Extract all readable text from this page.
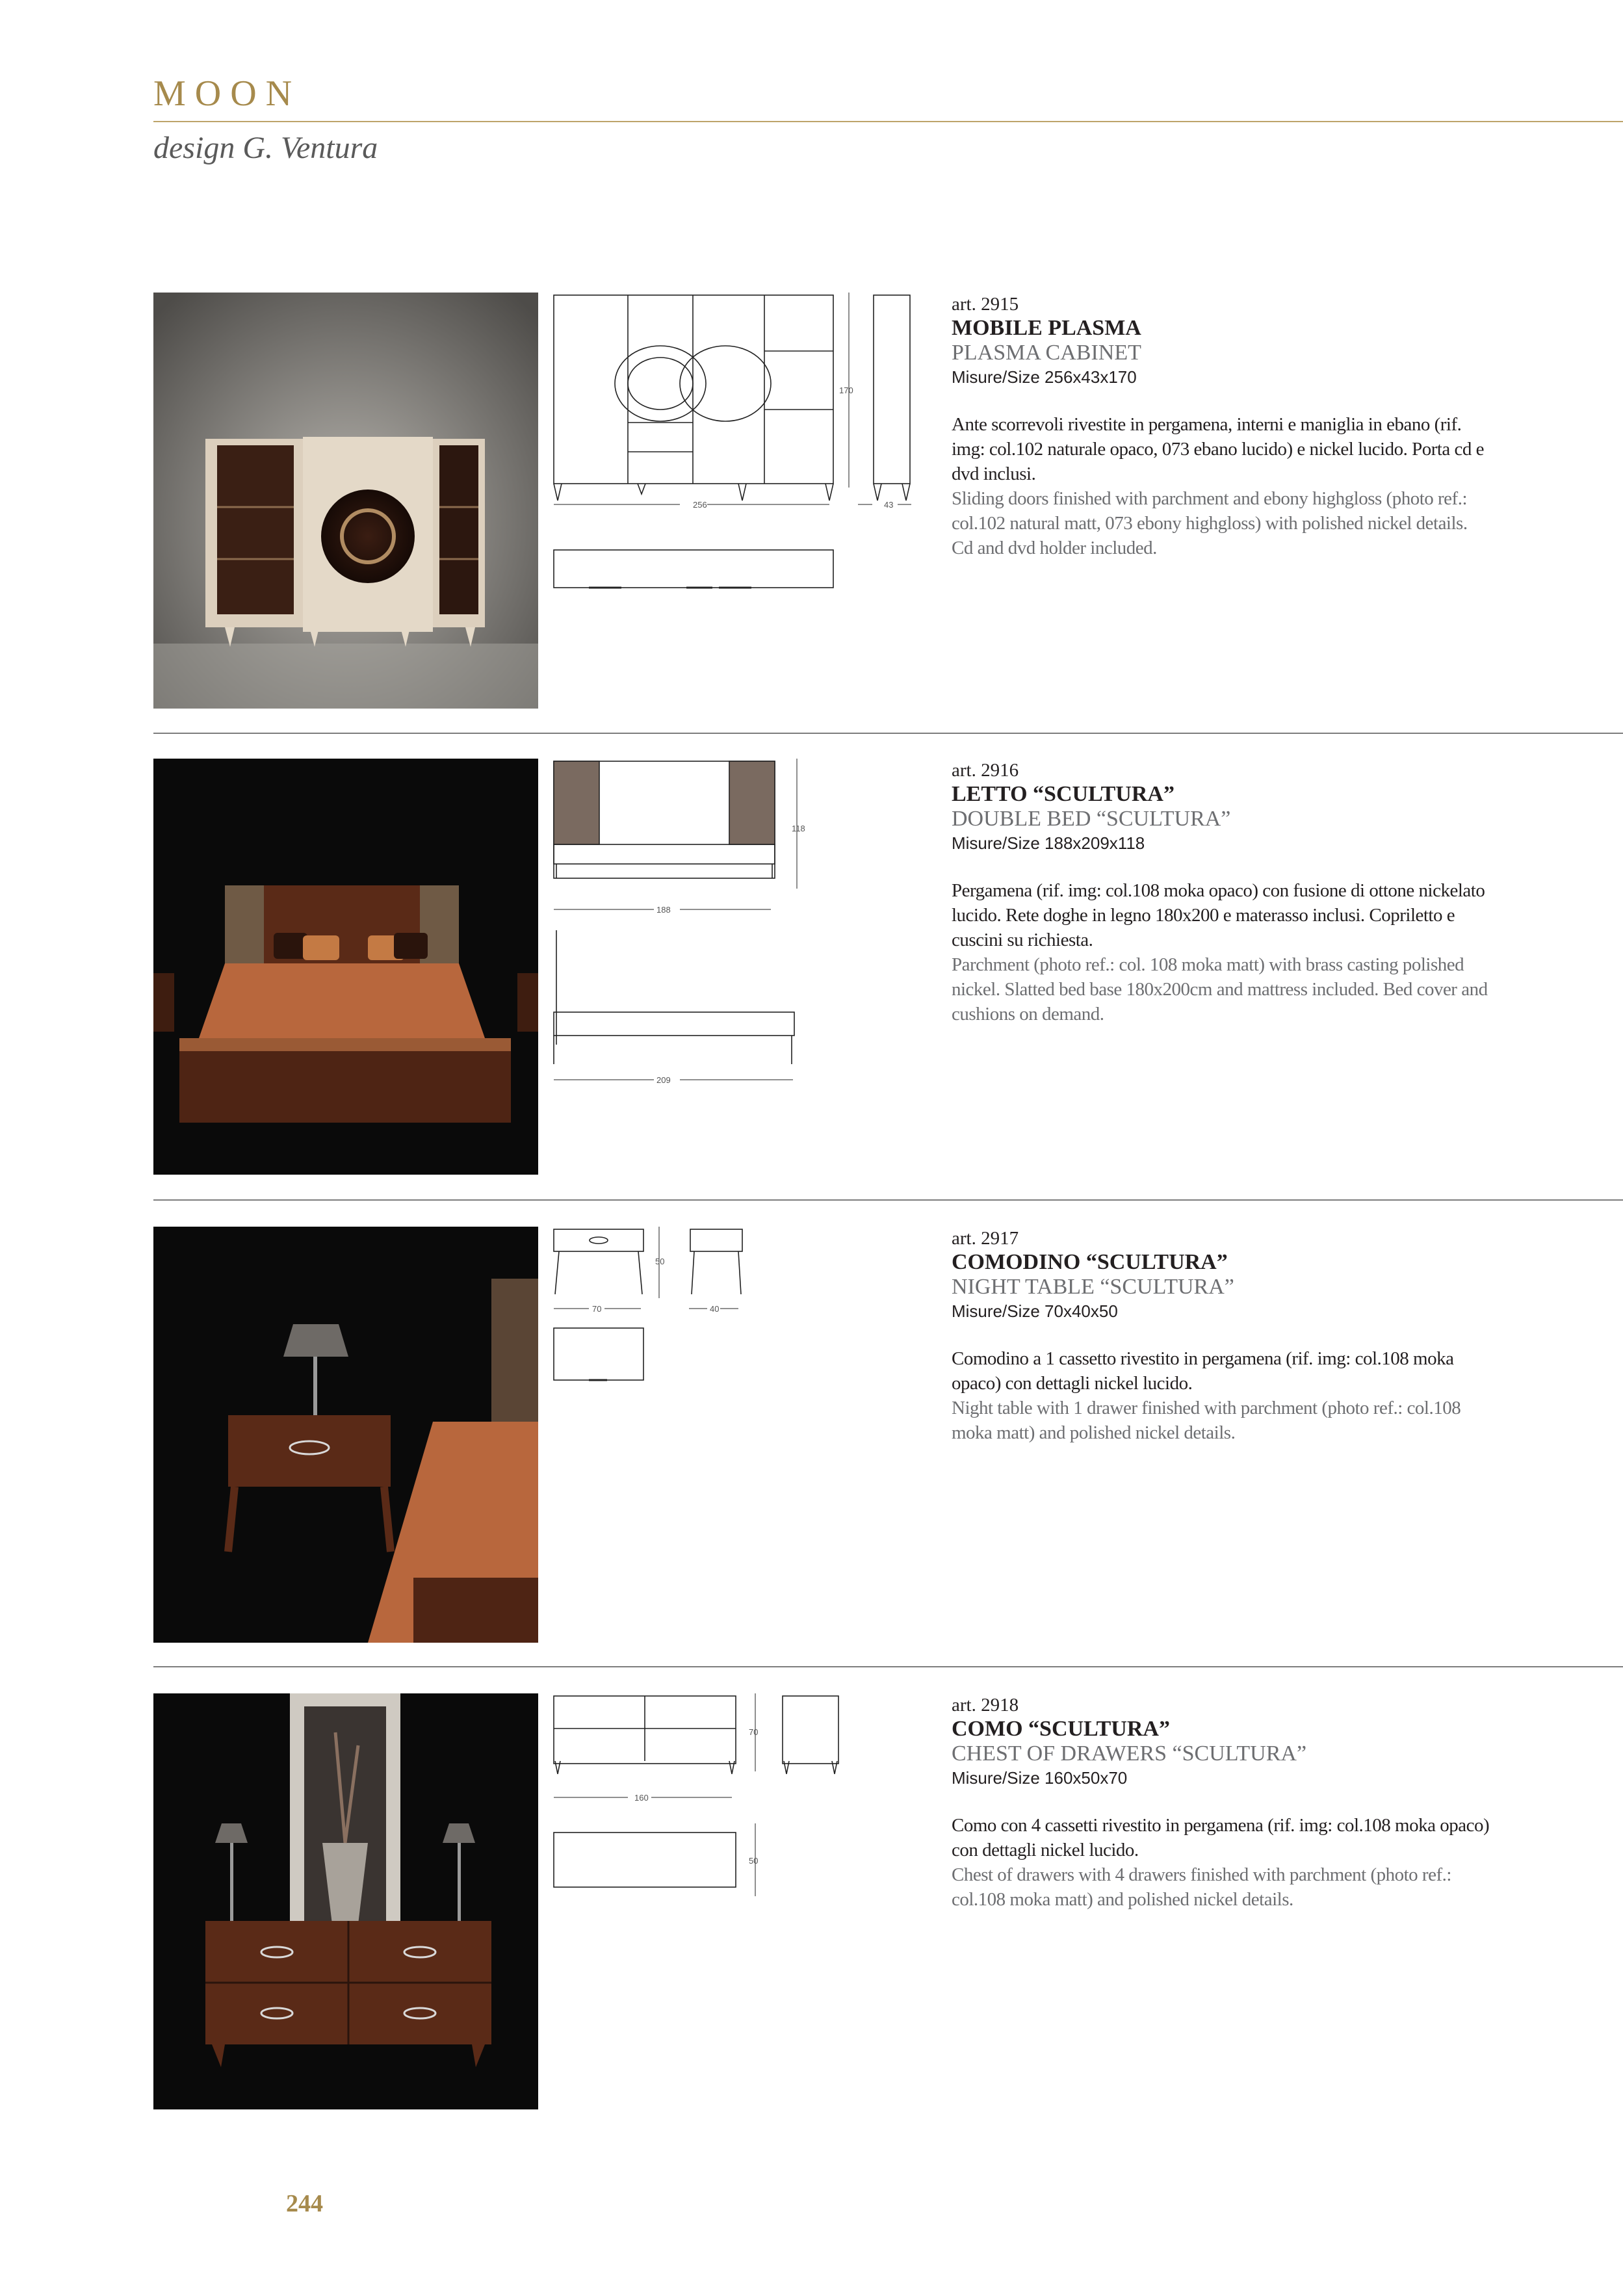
MOON
design G. Ventura
256
170
43
art. 2915
MOBILE PLASMA
PLASMA CABINET
Misure/Size 256x43x170
Ante scorrevoli rivestite in pergamena, interni e maniglia in ebano (rif. img: col.102 naturale opaco, 073 ebano lucido) e nickel lucido. Porta cd e dvd inclusi.
Sliding doors finished with parchment and ebony highgloss (photo ref.: col.102 natural matt, 073 ebony highgloss) with polished nickel details. Cd and dvd holder included.
188
118
209
art. 2916
LETTO “SCULTURA”
DOUBLE BED “SCULTURA”
Misure/Size 188x209x118
Pergamena (rif. img: col.108 moka opaco) con fusione di ottone nickelato lucido. Rete doghe in legno 180x200 e materasso inclusi. Copriletto e cuscini su richiesta.
Parchment (photo ref.: col. 108 moka matt) with brass casting polished nickel. Slatted bed base 180x200cm and mattress included. Bed cover and cushions on demand.
70
50
40
art. 2917
COMODINO “SCULTURA”
NIGHT TABLE “SCULTURA”
Misure/Size 70x40x50
Comodino a 1 cassetto rivestito in pergamena (rif. img: col.108 moka opaco) con dettagli nickel lucido.
Night table with 1 drawer finished with parchment (photo ref.: col.108 moka matt) and polished nickel details.
160
70
50
art. 2918
COMO “SCULTURA”
CHEST OF DRAWERS “SCULTURA”
Misure/Size 160x50x70
Como con 4 cassetti rivestito in pergamena (rif. img: col.108 moka opaco) con dettagli nickel lucido.
Chest of drawers with 4 drawers finished with parchment (photo ref.: col.108 moka matt) and polished nickel details.
244
